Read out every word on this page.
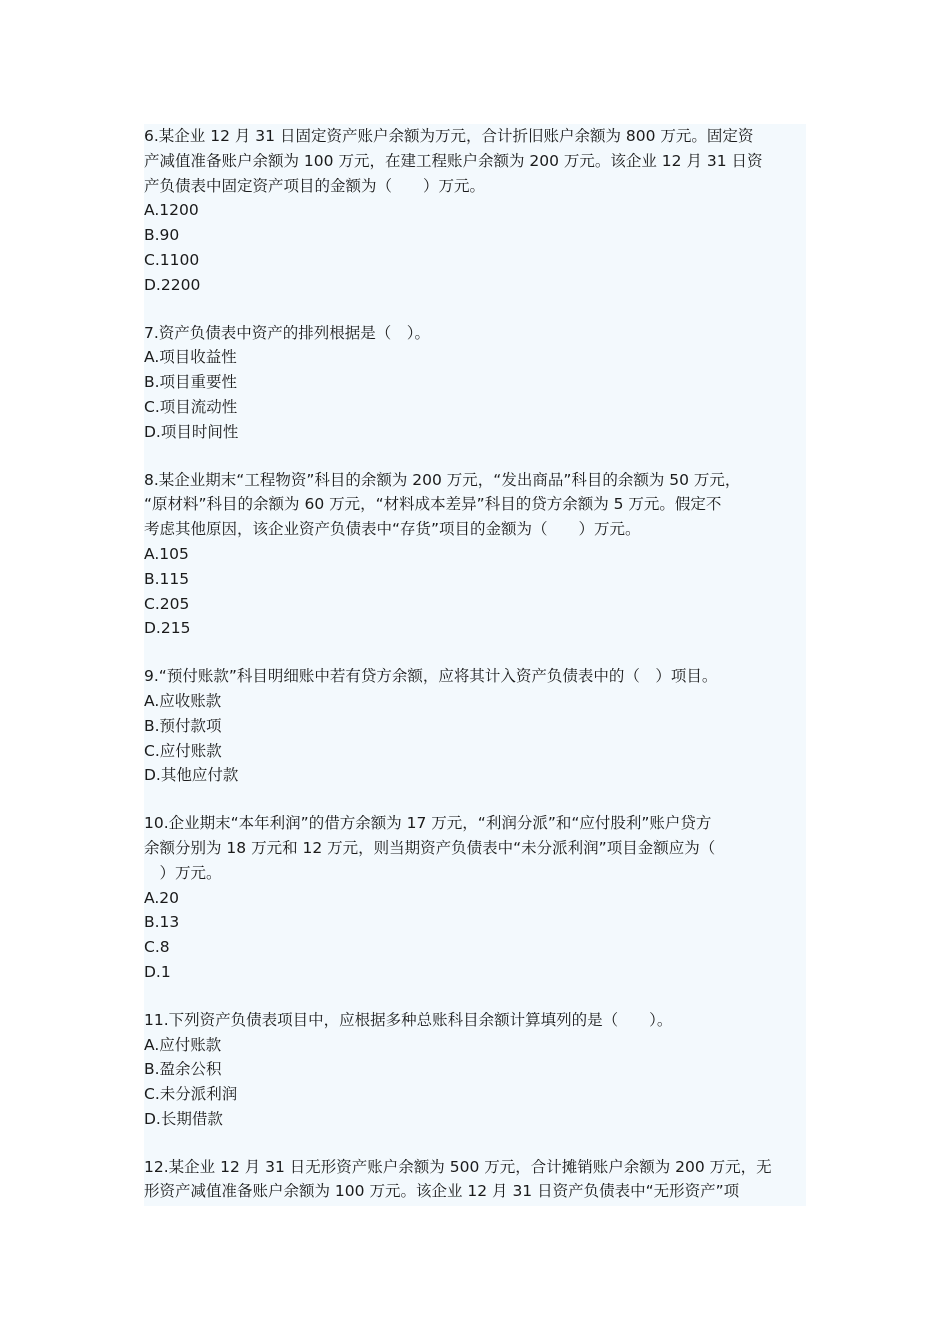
6.某企业 12 月 31 日固定资产账户余额为万元，合计折旧账户余额为 800 万元。固定资
产减值准备账户余额为 100 万元，在建工程账户余额为 200 万元。该企业 12 月 31 日资
产负债表中固定资产项目的金额为（　　）万元。
A.1200
B.90
C.1100
D.2200
7.资产负债表中资产的排列根据是（　）。
A.项目收益性
B.项目重要性
C.项目流动性
D.项目时间性
8.某企业期末“工程物资”科目的余额为 200 万元，“发出商品”科目的余额为 50 万元，
“原材料”科目的余额为 60 万元，“材料成本差异”科目的贷方余额为 5 万元。假定不
考虑其他原因，该企业资产负债表中“存货”项目的金额为（　　）万元。
A.105
B.115
C.205
D.215
9.“预付账款”科目明细账中若有贷方余额，应将其计入资产负债表中的（　）项目。
A.应收账款
B.预付款项
C.应付账款
D.其他应付款
10.企业期末“本年利润”的借方余额为 17 万元，“利润分派”和“应付股利”账户贷方
余额分别为 18 万元和 12 万元，则当期资产负债表中“未分派利润”项目金额应为（
　）万元。
A.20
B.13
C.8
D.1
11.下列资产负债表项目中，应根据多种总账科目余额计算填列的是（　　）。
A.应付账款
B.盈余公积
C.未分派利润
D.长期借款
12.某企业 12 月 31 日无形资产账户余额为 500 万元，合计摊销账户余额为 200 万元，无
形资产减值准备账户余额为 100 万元。该企业 12 月 31 日资产负债表中“无形资产”项
